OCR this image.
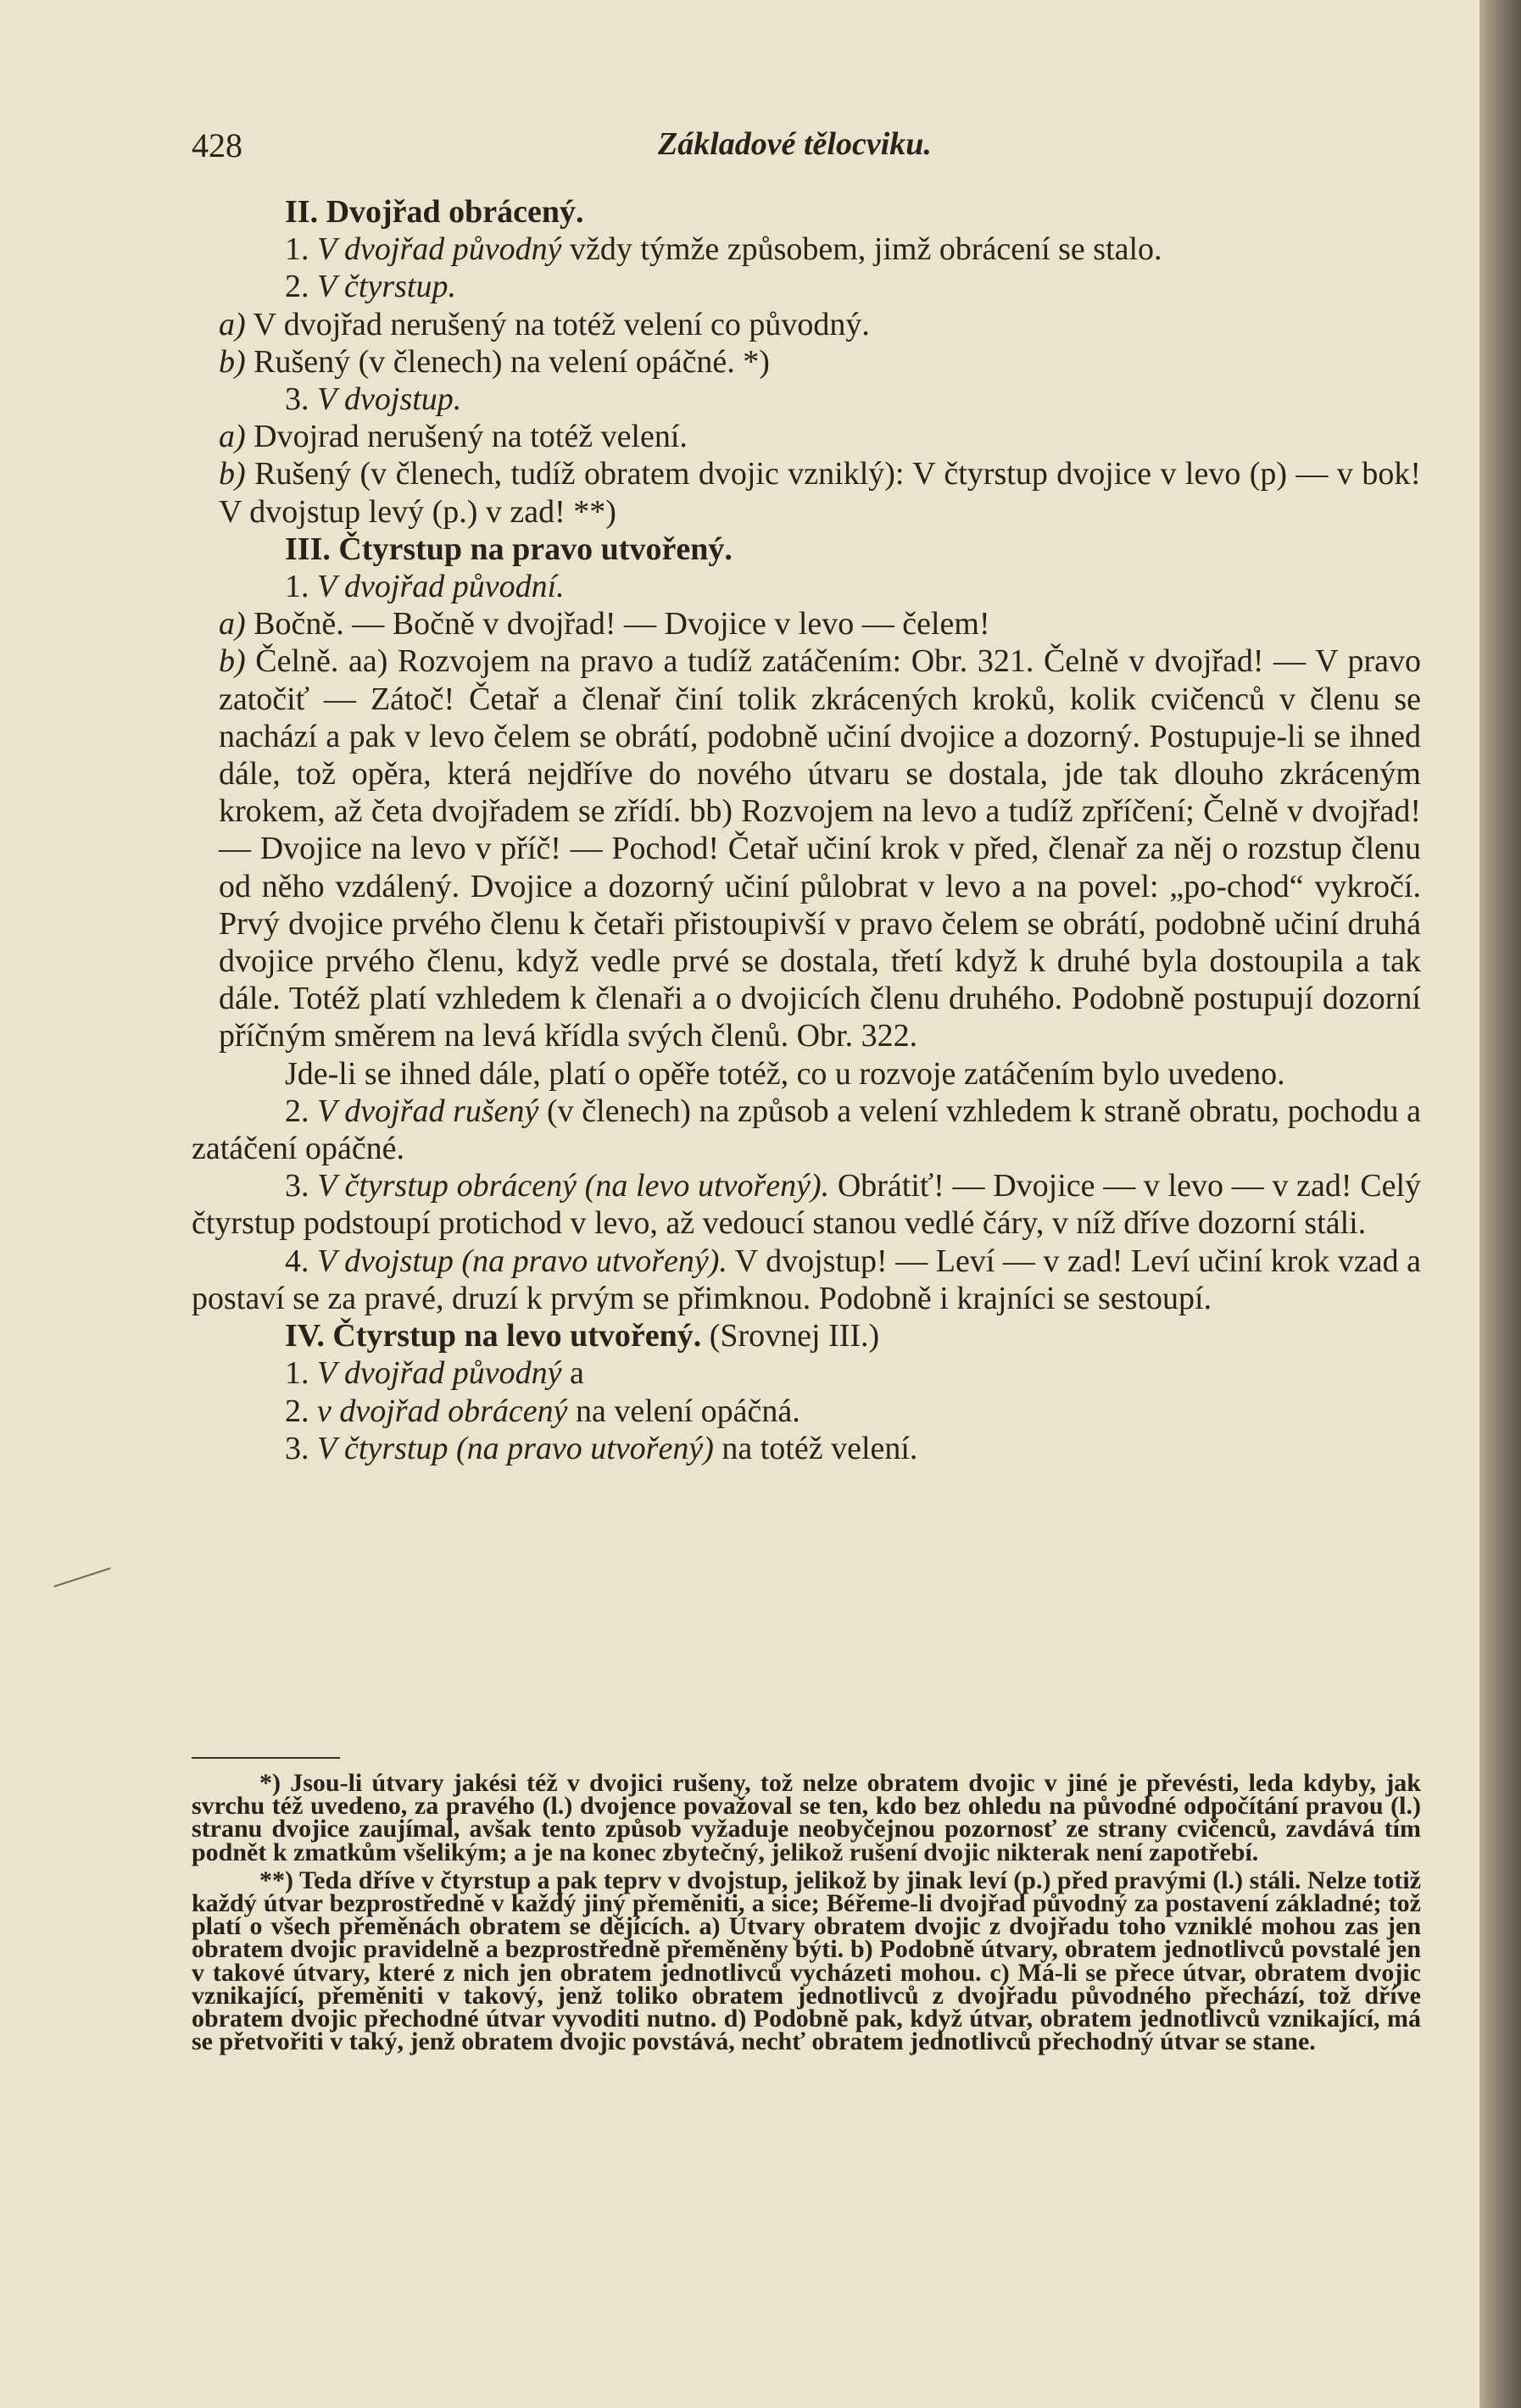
428	Základové tělocviku.

II. Dvojřad obrácený.

1. V dvojřad původný vždy týmže způsobem, jimž obrácení se stalo.

2. V čtyrstup.

a) V dvojřad nerušený na totéž velení co původný.

b) Rušený (v členech) na velení opáčné. *)

3. V dvojstup.

a) Dvojrad nerušený na totéž velení.

b) Rušený (v členech, tudíž obratem dvojic vzniklý): V čtyrstup dvojice v levo (p) — v bok! V dvojstup levý (p.) v zad! **)

III. Čtyrstup na pravo utvořený.

1. V dvojřad původní.

a) Bočně. — Bočně v dvojřad! — Dvojice v levo — čelem!

b) Čelně. aa) Rozvojem na pravo a tudíž zatáčením: Obr. 321. Čelně v dvojřad! — V pravo zatočiť — Zátoč! Četař a členař činí tolik zkrácených kroků, kolik cvičenců v členu se nachází a pak v levo čelem se obrátí, podobně učiní dvojice a dozorný. Postupuje-li se ihned dále, tož opěra, která nejdříve do nového útvaru se dostala, jde tak dlouho zkráceným krokem, až četa dvojřadem se zřídí. bb) Rozvojem na levo a tudíž zpříčení; Čelně v dvojřad! — Dvojice na levo v příč! — Pochod! Četař učiní krok v před, členař za něj o rozstup členu od něho vzdálený. Dvojice a dozorný učiní půlobrat v levo a na povel: „po-chod“ vykročí. Prvý dvojice prvého členu k četaři přistoupivší v pravo čelem se obrátí, podobně učiní druhá dvojice prvého členu, když vedle prvé se dostala, třetí když k druhé byla dostoupila a tak dále. Totéž platí vzhledem k členaři a o dvojicích členu druhého. Podobně postupují dozorní příčným směrem na levá křídla svých členů. Obr. 322.

Jde-li se ihned dále, platí o opěře totéž, co u rozvoje zatáčením bylo uvedeno.

2. V dvojřad rušený (v členech) na způsob a velení vzhledem k straně obratu, pochodu a zatáčení opáčné.

3. V čtyrstup obrácený (na levo utvořený). Obrátiť! — Dvojice — v levo — v zad! Celý čtyrstup podstoupí protichod v levo, až vedoucí stanou vedlé čáry, v níž dříve dozorní stáli.

4. V dvojstup (na pravo utvořený). V dvojstup! — Leví — v zad! Leví učiní krok vzad a postaví se za pravé, druzí k prvým se přimknou. Podobně i krajníci se sestoupí.

IV. Čtyrstup na levo utvořený. (Srovnej III.)

1. V dvojřad původný a

2. v dvojřad obrácený na velení opáčná.

3. V čtyrstup (na pravo utvořený) na totéž velení.

*) Jsou-li útvary jakési též v dvojici rušeny, tož nelze obratem dvojic v jiné je převésti, leda kdyby, jak svrchu též uvedeno, za pravého (l.) dvojence považoval se ten, kdo bez ohledu na původné odpočítání pravou (l.) stranu dvojice zaujímal, avšak tento způsob vyžaduje neobyčejnou pozornosť ze strany cvičenců, zavdává tím podnět k zmatkům všelikým; a je na konec zbytečný, jelikož rušení dvojic nikterak není zapotřebí.

**) Teda dříve v čtyrstup a pak teprv v dvojstup, jelikož by jinak leví (p.) před pravými (l.) stáli. Nelze totiž každý útvar bezprostředně v každý jiný přeměniti, a sice; Béřeme-li dvojřad původný za postavení základné; tož platí o všech přeměnách obratem se dějících. a) Útvary obratem dvojic z dvojřadu toho vzniklé mohou zas jen obratem dvojic pravidelně a bezprostředně přeměněny býti. b) Podobně útvary, obratem jednotlivců povstalé jen v takové útvary, které z nich jen obratem jednotlivců vycházeti mohou. c) Má-li se přece útvar, obratem dvojic vznikající, přeměniti v takový, jenž toliko obratem jednotlivců z dvojřadu původného přechází, tož dříve obratem dvojic přechodné útvar vyvoditi nutno. d) Podobně pak, když útvar, obratem jednotlivců vznikající, má se přetvořiti v taký, jenž obratem dvojic povstává, nechť obratem jednotlivců přechodný útvar se stane.
